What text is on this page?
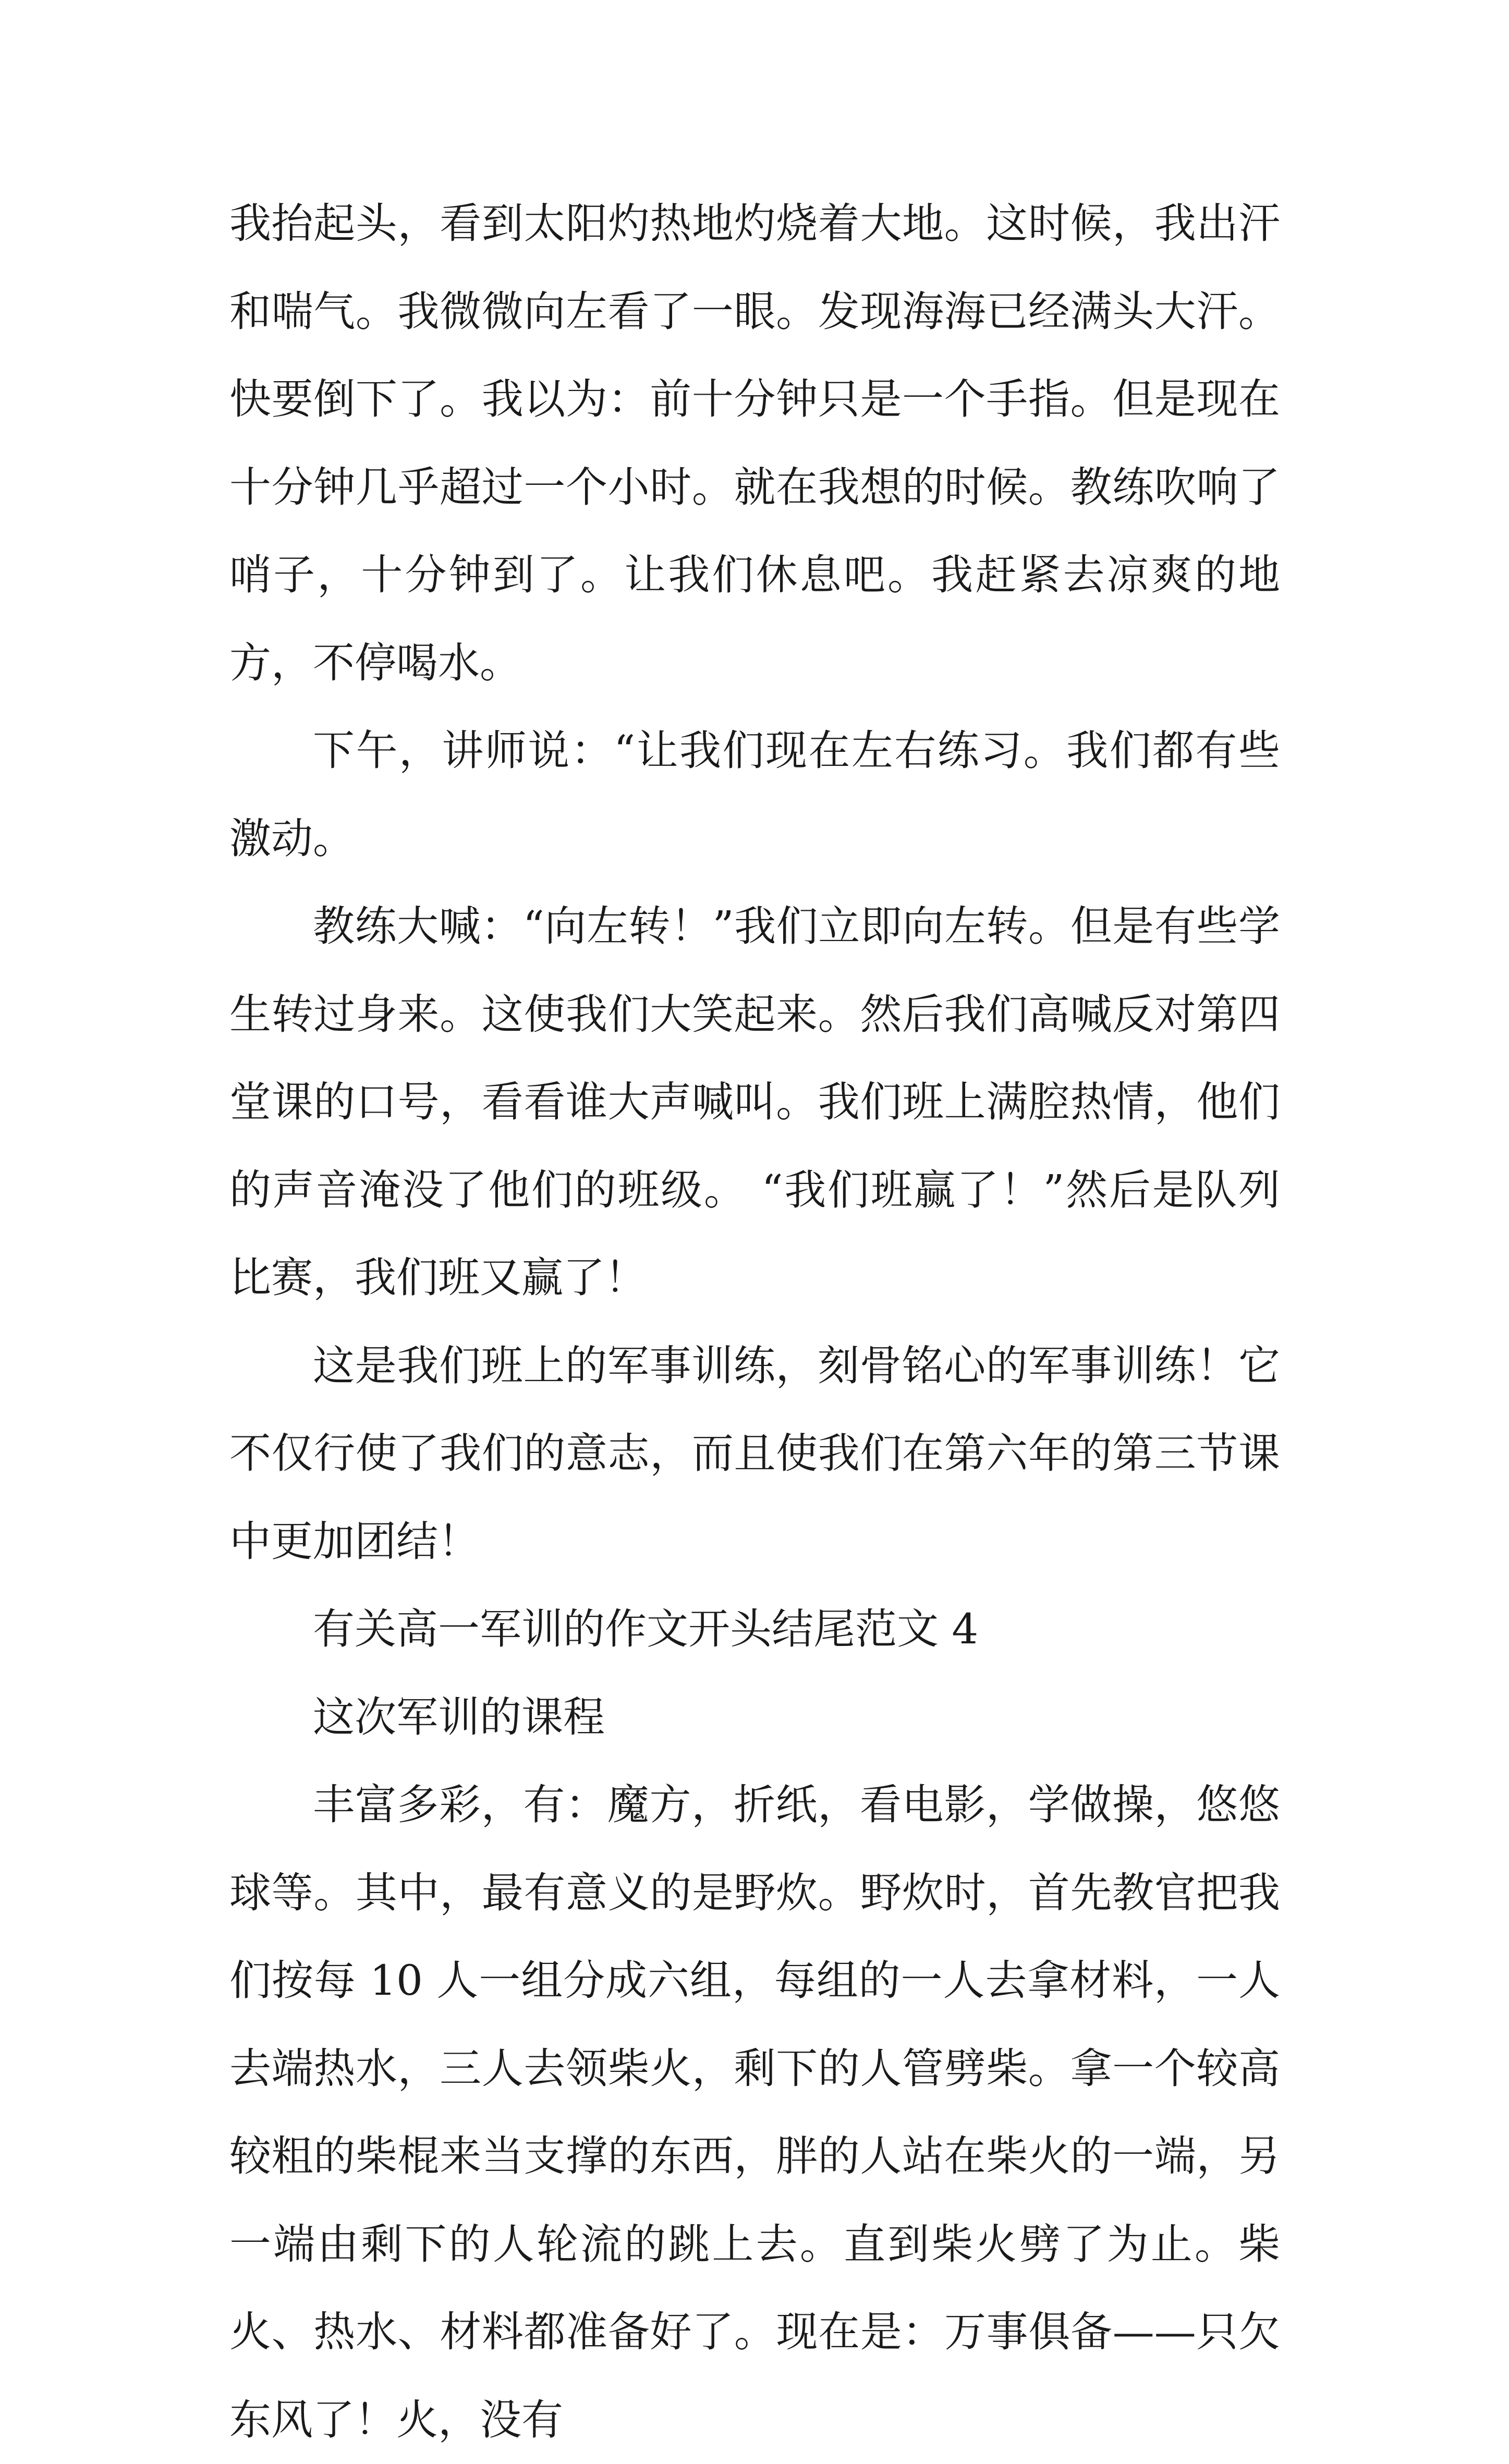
我抬起头，看到太阳灼热地灼烧着大地。这时候，我出汗和喘气。我微微向左看了一眼。发现海海已经满头大汗。快要倒下了。我以为：前十分钟只是一个手指。但是现在十分钟几乎超过一个小时。就在我想的时候。教练吹响了哨子，十分钟到了。让我们休息吧。我赶紧去凉爽的地方，不停喝水。

下午，讲师说：“让我们现在左右练习。我们都有些激动。

教练大喊：“向左转！”我们立即向左转。但是有些学生转过身来。这使我们大笑起来。然后我们高喊反对第四堂课的口号，看看谁大声喊叫。我们班上满腔热情，他们的声音淹没了他们的班级。 “我们班赢了！”然后是队列比赛，我们班又赢了！

这是我们班上的军事训练，刻骨铭心的军事训练！它不仅行使了我们的意志，而且使我们在第六年的第三节课中更加团结！

有关高一军训的作文开头结尾范文 4

这次军训的课程

丰富多彩，有：魔方，折纸，看电影，学做操，悠悠球等。其中，最有意义的是野炊。野炊时，首先教官把我们按每 10 人一组分成六组，每组的一人去拿材料，一人去端热水，三人去领柴火，剩下的人管劈柴。拿一个较高较粗的柴棍来当支撑的东西，胖的人站在柴火的一端，另一端由剩下的人轮流的跳上去。直到柴火劈了为止。柴火、热水、材料都准备好了。现在是：万事俱备——只欠东风了！火，没有
